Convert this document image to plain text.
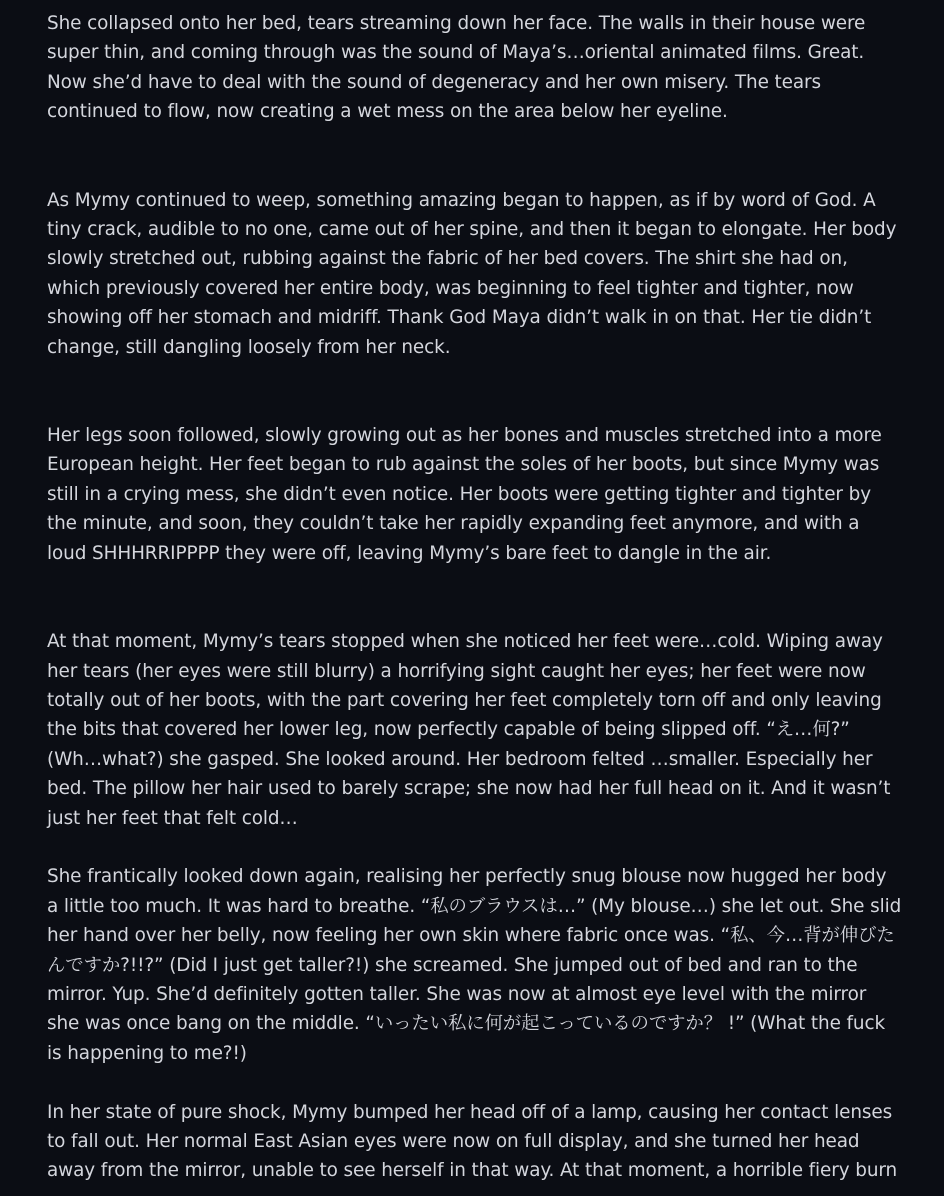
She collapsed onto her bed, tears streaming down her face. The walls in their house were super thin, and coming through was the sound of Maya’s…oriental animated films. Great. Now she’d have to deal with the sound of degeneracy and her own misery. The tears continued to flow, now creating a wet mess on the area below her eyeline.

As Mymy continued to weep, something amazing began to happen, as if by word of God. A tiny crack, audible to no one, came out of her spine, and then it began to elongate. Her body slowly stretched out, rubbing against the fabric of her bed covers. The shirt she had on, which previously covered her entire body, was beginning to feel tighter and tighter, now showing off her stomach and midriff. Thank God Maya didn’t walk in on that. Her tie didn’t change, still dangling loosely from her neck.

Her legs soon followed, slowly growing out as her bones and muscles stretched into a more European height. Her feet began to rub against the soles of her boots, but since Mymy was still in a crying mess, she didn’t even notice. Her boots were getting tighter and tighter by the minute, and soon, they couldn’t take her rapidly expanding feet anymore, and with a loud SHHHRRIPPPP they were off, leaving Mymy’s bare feet to dangle in the air.

At that moment, Mymy’s tears stopped when she noticed her feet were…cold. Wiping away her tears (her eyes were still blurry) a horrifying sight caught her eyes; her feet were now totally out of her boots, with the part covering her feet completely torn off and only leaving the bits that covered her lower leg, now perfectly capable of being slipped off. “え…何?” (Wh…what?) she gasped. She looked around. Her bedroom felted …smaller. Especially her bed. The pillow her hair used to barely scrape; she now had her full head on it. And it wasn’t just her feet that felt cold…

She frantically looked down again, realising her perfectly snug blouse now hugged her body a little too much. It was hard to breathe. “私のブラウスは…” (My blouse…) she let out. She slid her hand over her belly, now feeling her own skin where fabric once was. “私、今…背が伸びたんですか?!!?” (Did I just get taller?!) she screamed. She jumped out of bed and ran to the mirror. Yup. She’d definitely gotten taller. She was now at almost eye level with the mirror she was once bang on the middle. “いったい私に何が起こっているのですか？ !” (What the fuck is happening to me?!)

In her state of pure shock, Mymy bumped her head off of a lamp, causing her contact lenses to fall out. Her normal East Asian eyes were now on full display, and she turned her head away from the mirror, unable to see herself in that way. At that moment, a horrible fiery burn
